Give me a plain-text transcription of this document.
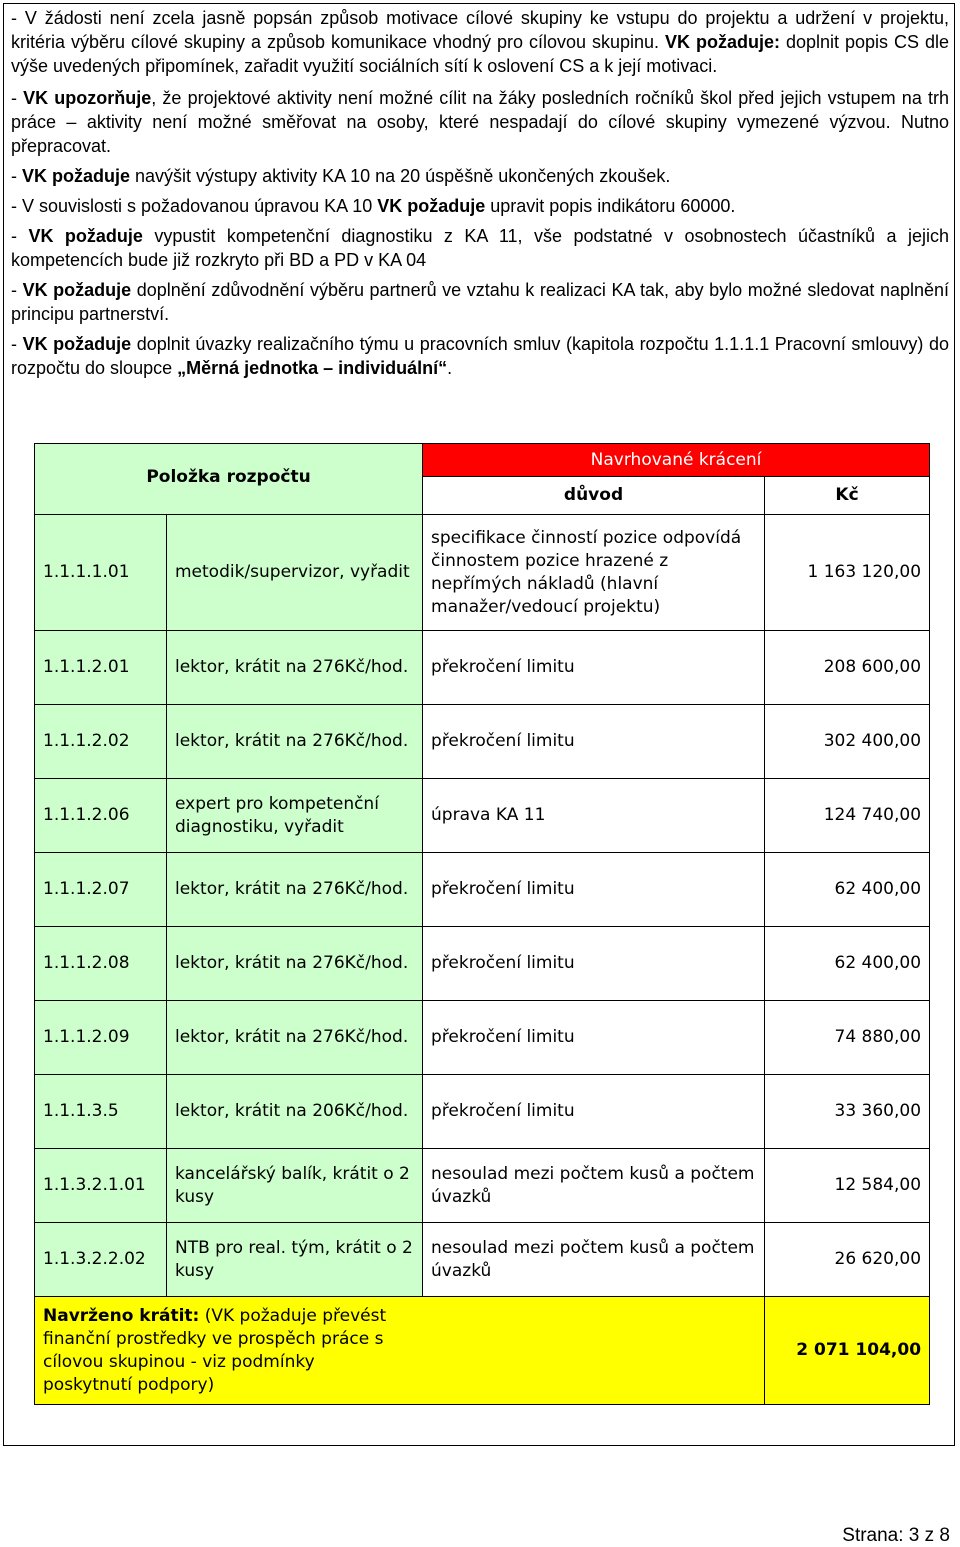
- V žádosti není zcela jasně popsán způsob motivace cílové skupiny ke vstupu do projektu a udržení v projektu, kritéria výběru cílové skupiny a způsob komunikace vhodný pro cílovou skupinu. VK požaduje: doplnit popis CS dle výše uvedených připomínek, zařadit využití sociálních sítí k oslovení CS a k její motivaci.

- VK upozorňuje, že projektové aktivity není možné cílit na žáky posledních ročníků škol před jejich vstupem na trh práce – aktivity není možné směřovat na osoby, které nespadají do cílové skupiny vymezené výzvou. Nutno přepracovat.

- VK požaduje navýšit výstupy aktivity KA 10 na 20 úspěšně ukončených zkoušek.

- V souvislosti s požadovanou úpravou KA 10 VK požaduje upravit popis indikátoru 60000.

- VK požaduje vypustit kompetenční diagnostiku z KA 11, vše podstatné v osobnostech účastníků a jejich kompetencích bude již rozkryto při BD a PD v KA 04

- VK požaduje doplnění zdůvodnění výběru partnerů ve vztahu k realizaci KA tak, aby bylo možné sledovat naplnění principu partnerství.

- VK požaduje doplnit úvazky realizačního týmu u pracovních smluv (kapitola rozpočtu 1.1.1.1 Pracovní smlouvy) do rozpočtu do sloupce „Měrná jednotka – individuální“.

Položka rozpočtu		Navrhované krácení	
		důvod	Kč
1.1.1.1.01	metodik/supervizor, vyřadit	specifikace činností pozice odpovídá činnostem pozice hrazené z nepřímých nákladů (hlavní manažer/vedoucí projektu)	1 163 120,00
1.1.1.2.01	lektor, krátit na 276Kč/hod.	překročení limitu	208 600,00
1.1.1.2.02	lektor, krátit na 276Kč/hod.	překročení limitu	302 400,00
1.1.1.2.06	expert pro kompetenční diagnostiku, vyřadit	úprava KA 11	124 740,00
1.1.1.2.07	lektor, krátit na 276Kč/hod.	překročení limitu	62 400,00
1.1.1.2.08	lektor, krátit na 276Kč/hod.	překročení limitu	62 400,00
1.1.1.2.09	lektor, krátit na 276Kč/hod.	překročení limitu	74 880,00
1.1.1.3.5	lektor, krátit na 206Kč/hod.	překročení limitu	33 360,00
1.1.3.2.1.01	kancelářský balík, krátit o 2 kusy	nesoulad mezi počtem kusů a počtem úvazků	12 584,00
1.1.3.2.2.02	NTB pro real. tým, krátit o 2 kusy	nesoulad mezi počtem kusů a počtem úvazků	26 620,00

Navrženo krátit: (VK požaduje převést finanční prostředky ve prospěch práce s cílovou skupinou - viz podmínky poskytnutí podpory)			2 071 104,00
Strana: 3 z 8
